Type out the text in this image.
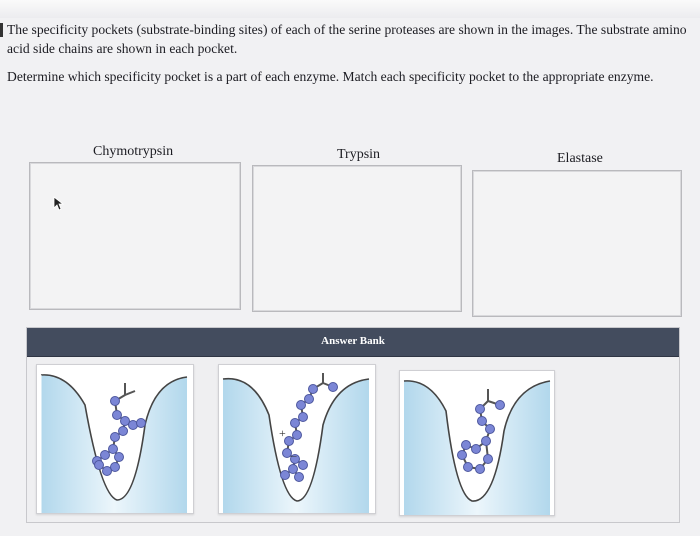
The specificity pockets (substrate-binding sites) of each of the serine proteases are shown in the images. The substrate amino acid side chains are shown in each pocket.

Determine which specificity pocket is a part of each enzyme. Match each specificity pocket to the appropriate enzyme.

Chymotrypsin	Trypsin	Elastase
Answer Bank
+
–
